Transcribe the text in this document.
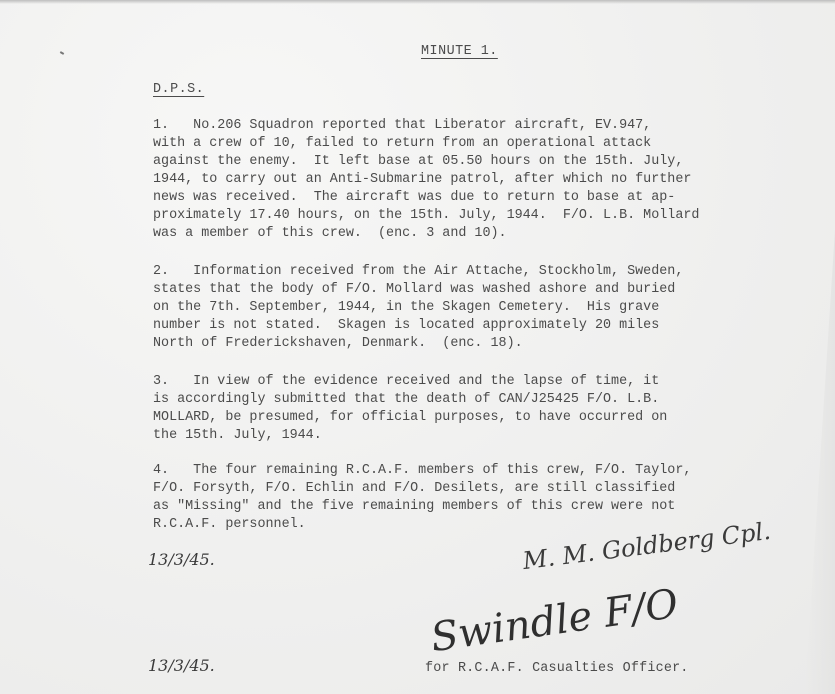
MINUTE 1.
D.P.S.
1.   No.206 Squadron reported that Liberator aircraft, EV.947,
with a crew of 10, failed to return from an operational attack
against the enemy.  It left base at 05.50 hours on the 15th. July,
1944, to carry out an Anti-Submarine patrol, after which no further
news was received.  The aircraft was due to return to base at ap-
proximately 17.40 hours, on the 15th. July, 1944.  F/O. L.B. Mollard
was a member of this crew.  (enc. 3 and 10).
2.   Information received from the Air Attache, Stockholm, Sweden,
states that the body of F/O. Mollard was washed ashore and buried
on the 7th. September, 1944, in the Skagen Cemetery.  His grave
number is not stated.  Skagen is located approximately 20 miles
North of Frederickshaven, Denmark.  (enc. 18).
3.   In view of the evidence received and the lapse of time, it
is accordingly submitted that the death of CAN/J25425 F/O. L.B.
MOLLARD, be presumed, for official purposes, to have occurred on
the 15th. July, 1944.
4.   The four remaining R.C.A.F. members of this crew, F/O. Taylor,
F/O. Forsyth, F/O. Echlin and F/O. Desilets, are still classified
as "Missing" and the five remaining members of this crew were not
R.C.A.F. personnel.
13/3/45.	M. M. Goldberg Cpl.
Swindle F/O
13/3/45.	for R.C.A.F. Casualties Officer.
